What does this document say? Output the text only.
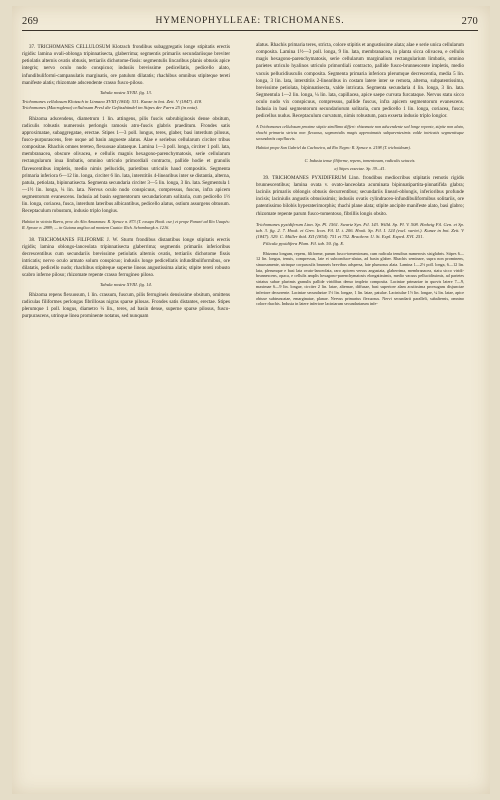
269	HYMENOPHYLLEAE: TRICHOMANES.	270

37. TRICHOMANES CELLULOSUM Klotzsch frondibus subaggregatis longe stipitatis erectis rigidis: lamina ovali-oblonga tripinnatisecta, glaberrima; segmentis primariis secundariisque breviter petiolatis alternis ovatis obtusis, tertiariis dichotome-fissis: segmentulis lincaribus planis obtusis apice integris; nervo oculo nudo conspicuo; indusiis brevissime pedicellatis, pedicello alato, infundibuliformi-campanulatis marginatis, ore patulum dilatatis; rhachibus omnibus stipiteque tereti manifeste alatis; rhizomate adscendente crasso fusco-piloso.

Tabula nostra XVIII. fig. 13.

Trichomanes cellulosum Klotzsch in Linnaea XVIII (1844). 531. Kunze in bot. Zeit. V (1847). 418.

Trichomanes (Macroglena) cellulosum Presl die Gefässbündel im Stipes der Farrn 25 (in nota).

Rhizoma adscendens, diametrum 1 lin. attingens, pilis fuscis subrubiginosis dense obsitum, radiculis robustis numerosis perlongis ramosis atro-fuscis glabris praeditum. Frondes satis approximatae, subaggregatae, erectae. Stipes 1—3 poll. longus, teres, glaber, basi interdum pilosus, fusco-purpurascens, fere usque ad basin angueste alatus. Alae e seriebus cellularum circiter tribus compositae. Rhachis omnes tereteo, flexuosae alataeque. Lamina 1—3 poll. longa, circiter 1 poll. lata, membranacea, obscure olivacea, e cellulis magnis hexagono-parenchymatosis, serie cellularum rectangularum inua limbatis, omnino utriculo primordiali contracto, pallide hodie et granulis flavescentibus impletis, medio nimis pellucidis, parietibus utriculis haud compositis. Segmenta primaria inferiora 6—12 lin. longa, circiter 6 lin. lata, interstitiis 4-linearibus inter se distantia, alterna, patula, petiolata, bipinnatisecta. Segmenta secundaria circiter 3—5 lin. longa, 3 lin. lata. Segmentula 1—1½ lin. longa, ¼ lin. lata. Nervus oculo nudo conspicuus, compressus, fuscus, infra apicem segmentorum evanescens. Indusia ad basin segmentorum secundariorum solitaria, cum pedicello 1½ lin. longa, coriacea, fusca, interdum lateribus albicantibus, pedicello alatus, ostium assurgens obtusum. Receptaculum robustum, indusio triplo longius.

Habitat in vicinia Barra, prov. do Alto Amazonas: R. Spruce n. 873 (T. exsupo Hook. cur.) et prope Panuré ad Rio Uaupés: R. Spruce n. 2889; — in Guiana anglica ad montem Cuatia: Rich. Schomburgk n. 1216.

38. TRICHOMANES FILIFORME J. W. Sturm frondibus distantibus longe stipitatis erectis rigidis; lamina oblongo-lanceolata tripinnatisecta glaberrima; segmentis primariis inferioribus decrescentibus cum secundariis brevissime petiolatis alternis ovatis, tertiariis dichotome fissis intricatis; nervo oculo armato solum conspicuo; indusiis longe pedicellatis infundibuliformibus, ore dilatatis, pedicello nudo; rhachibus stipiteque superne lineas angustissima alatis; stipite tereti robusto scabro inferne piloso; rhizomate repente crasso ferrugineo piloso.

Tabula nostra XVIII. fig. 14.

Rhizoma repens flexuosum, 1 lin. crassum, fuscum, pilis ferrugineis densissime obsitum, omittens radiculas filiformes perlongas fibrillosas nigras sparse pilosas. Frondes satis distantes, erectae. Stipes plerumque 1 poll. longus, diametro ¼ lin., teres, ad basin dense, superne sparse pilosus, fusco-purpurascens, utrinque linea prominente notatus, sed nunquam

alatus. Rhachis primaria teres, stricta, colore stipitis et angustissime alata; alae e serie unica cellularum composita. Lamina 1½—3 poll. longa, 9 lin. lata, membranacea, in planta sicca olivacea, e cellulis magis hexagono-parenchymatosis, serie cellularum marginalium rectangularium limbatis, omnino parietes utriculo hyalinos utriculo primordiali contracto, pallide fusco-brunnescente impletis, medio vacuis pellucidiusculis composita. Segmenta primaria inferiora plerumque decrescentia, media 5 lin. longa, 3 lin. lata, interstitiis 2-linearibus in costam latere inter se remota, alterna, subpatentissima, brevissime petiolata, bipinnatisecta, valde intricata. Segmenta secundaria 4 lin. longa, 3 lin. lata. Segmentula 1—2 lin. longa, ¼ lin. lata, capillacea, apice saepe curvata furcataque. Nervus statu sicco oculo nudo vix conspicuus, compressus, pallide fuscus, infra apicem segmentorum evanescens. Indusia in basi segmentorum secundariorum solitaria, cum pedicello 1 lin. longa, coriacea, fusca; pedicellus nudus. Receptaculum curvatum, nimis robustum, para exserta indusio triplo longior.

A Trichomanes cellulosum proxime stipite simillimo differt: rhizomate non adscendente sed longe repente, stipite non alato, rhachi primaria stricta non flexuosa, segmentulis magis approximatis subparentesimis valde intricatis segmentisque secundariis capillaceis.

Habitat prope San Gabriel da Cachoeira, ad Rio Negro: R. Spruce n. 2198 (T. trichoideum).

C. Indusia tenue filiforme, repens, tomentosum, radiculis setaceis.

a) Stipes exsectae. Sp. 39—41.

39. TRICHOMANES PYXIDIFERUM Linn. frondibus mediocribus stipitatis remotis rigidis brunnescentibus; lamina ovata v. ovato-lanceolata acuminata bipinnatipartita-pinnatifida glabra; laciniis primariis oblongis obtusis decurrentibus; secundariis lineari-oblongis, inferioribus profunde incisis; laciniulis angustis obtusissimis; indusiis ovatis cylindraceo-infundibuliformibus solitariis, ore patentissimo bilobis hyperaterimorphis; rhachi plane alata; stipite ancipite manifeste alato, basi glabro; rhizomate repente parum fusco-tomentoso, fibrillis longis obsito.

Trichomanes pyxidiferum Linn. Sp. Pl. 1561. Swartz Syn. Fil. 143. Willd. Sp. Pl. V. 508. Hedwig Fil. Gen. et Sp. tab. 3. fig. 2. 7. Hook. et Grev. Icon. Fil. II. t. 206. Hook. Sp. Fil. I. 124 (excl. variet.). Kunze in bot. Zeit. V (1847). 329. C. Müller ibid. XII (1854). 751 et 752. Brackenr. U. St. Expl. Exped. XVI. 251.

Filicula pyxidifera Plum. Fil. tab. 50. fig. E.

Rhizoma longum, repens, filiforme, parum fusco-tomentosum, cum radicula tenuibus numerosis sisiglabris. Stipes 6—12 lin. longus, tenuis, compressus, late et subconduce-alatus, ad basin glaber. Rhachis seminare, supra non prominens, sinuosamente, utrinque corpusculis brunneis brevibus adspersa, late plumosus alata. Lamina 1—2½ poll. longa, 6—12 lin. lata, plerumque e basi lata ovato-lanceolata, raro apicem versus angustata, glaberrima, membranacea, statu sicco viridi-brunnescens, opaca, e cellulis amplis hexagono-parenchymatosis elongatissimis, medio vacuus pellucidissimis, ad parietes striatus subae plurimis granulis pallide viridibus denso impleto composita. Laciniae primariae in quovis latere 7—9, maximae 6—9 lin. longae, circiter 2 lin. latae, alternae, diffusae, basi superiore alam acutissima prorsugans disjunctae inferiore decurrente. Laciniae secundariae 1½ lin. longae, 1 lin. latae, patulae. Laciniulae 1½ lin. longae, ¼ lin. latae, apice obtuse subtruncatae, emarginatae, planae. Nervus primarius flexuosus. Nervi secundarii paralleli, subalternis, omnino colore rhachis. Indusia in latere inferiore laciniarum secundariarum infe-
